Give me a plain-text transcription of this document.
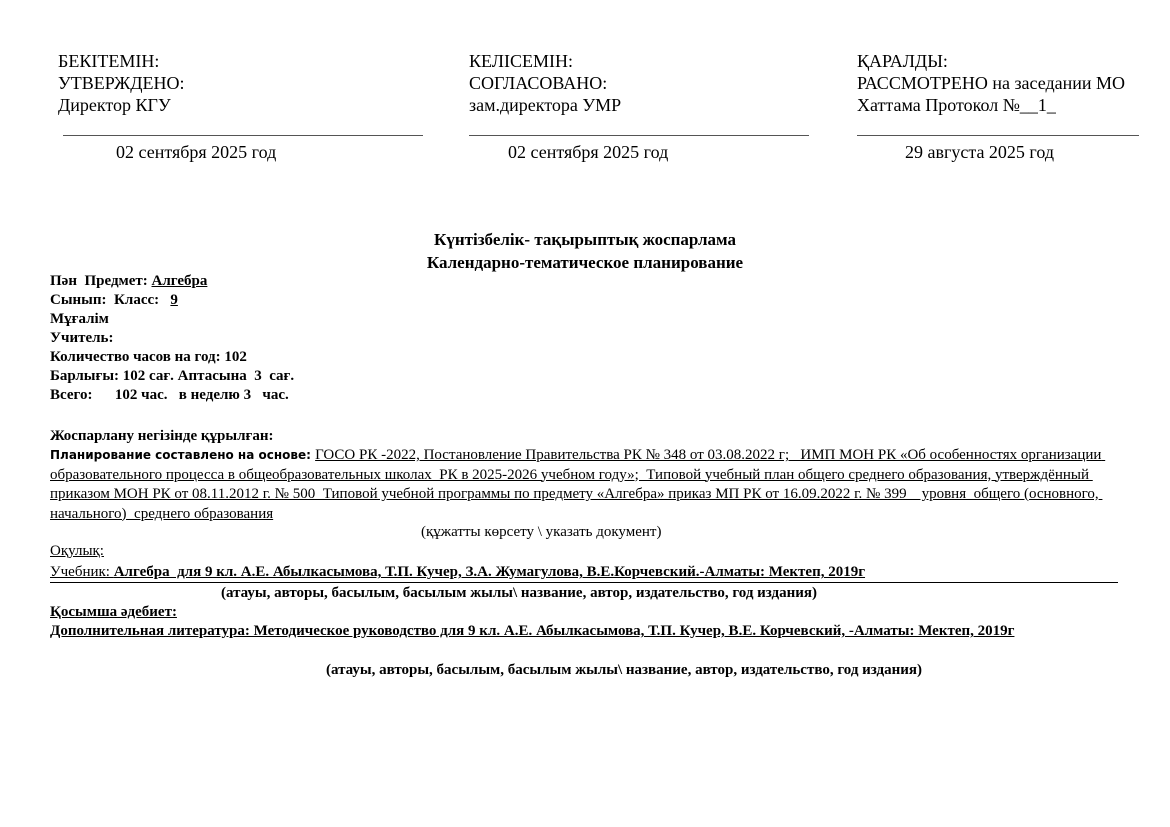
БЕКІТЕМІН:
УТВЕРЖДЕНО:
Директор КГУ
02 сентября 2025 год
КЕЛІСЕМІН:
СОГЛАСОВАНО:
зам.директора УМР
02 сентября 2025 год
ҚАРАЛДЫ:
РАССМОТРЕНО на заседании МО
Хаттама Протокол №__1_
29 августа 2025 год
Күнтізбелік- тақырыптық жоспарлама
Календарно-тематическое планирование
Пән  Предмет: Алгебра
Сынып:  Класс:   9
Мұғалім
Учитель:
Количество часов на год: 102
Барлығы: 102 сағ. Аптасына  3  сағ.
Всего:      102 час.   в неделю 3   час.
Жоспарлану негізінде құрылған:
Планирование составлено на основе: ГОСО РК -2022, Постановление Правительства РК № 348 от 03.08.2022 г;   ИМП МОН РК «Об особенностях организации образовательного процесса в общеобразовательных школах  РК в 2025-2026 учебном году»;  Типовой учебный план общего среднего образования, утверждённый приказом МОН РК от 08.11.2012 г. № 500  Типовой учебной программы по предмету «Алгебра» приказ МП РК от 16.09.2022 г. № 399    уровня  общего (основного, начального)  среднего образования
(құжатты көрсету \ указать документ)
Оқулық:
Учебник: Алгебра  для 9 кл. А.Е. Абылкасымова, Т.П. Кучер, З.А. Жумагулова, В.Е.Корчевский.-Алматы: Мектеп, 2019г
(атауы, авторы, басылым, басылым жылы\ название, автор, издательство, год издания)
Қосымша әдебиет:
Дополнительная литература: Методическое руководство для 9 кл. А.Е. Абылкасымова, Т.П. Кучер, В.Е. Корчевский, -Алматы: Мектеп, 2019г
(атауы, авторы, басылым, басылым жылы\ название, автор, издательство, год издания)
